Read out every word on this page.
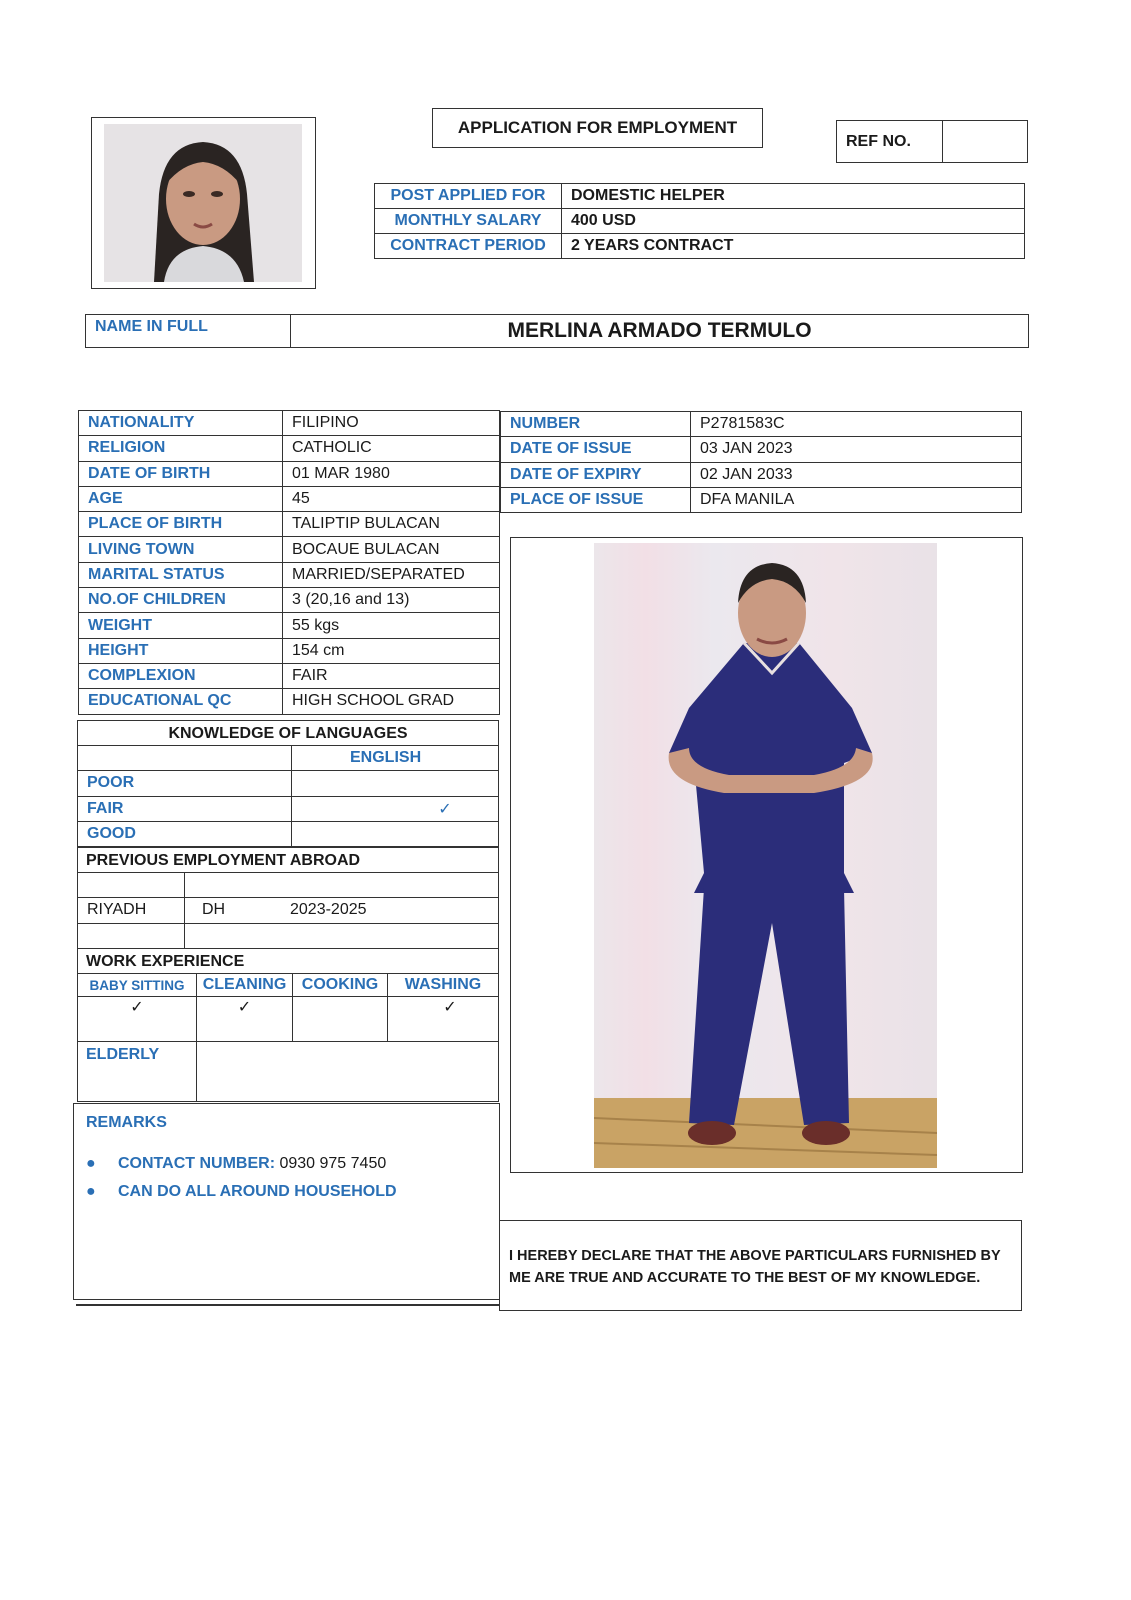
APPLICATION FOR EMPLOYMENT
REF NO.	
POST APPLIED FOR	DOMESTIC HELPER
MONTHLY SALARY	400 USD
CONTRACT PERIOD	2 YEARS CONTRACT
NAME IN FULL	MERLINA ARMADO TERMULO
NATIONALITY	FILIPINO
RELIGION	CATHOLIC
DATE OF BIRTH	01 MAR 1980
AGE	45
PLACE OF BIRTH	TALIPTIP BULACAN
LIVING TOWN	BOCAUE BULACAN
MARITAL STATUS	MARRIED/SEPARATED
NO.OF CHILDREN	3 (20,16 and 13)
WEIGHT	55 kgs
HEIGHT	154 cm
COMPLEXION	FAIR
EDUCATIONAL QC	HIGH SCHOOL GRAD
NUMBER	P2781583C
DATE OF ISSUE	03 JAN 2023
DATE OF EXPIRY	02 JAN 2033
PLACE OF ISSUE	DFA MANILA
KNOWLEDGE OF LANGUAGES
	ENGLISH
POOR	
FAIR	✓
GOOD	
PREVIOUS EMPLOYMENT ABROAD

RIYADH	DH 2023-2025

WORK EXPERIENCE
BABY SITTING	CLEANING	COOKING	WASHING
✓	✓		✓
ELDERLY			
REMARKS
● CONTACT NUMBER: 0930 975 7450
● CAN DO ALL AROUND HOUSEHOLD
I HEREBY DECLARE THAT THE ABOVE PARTICULARS FURNISHED BY ME ARE TRUE AND ACCURATE TO THE BEST OF MY KNOWLEDGE.
